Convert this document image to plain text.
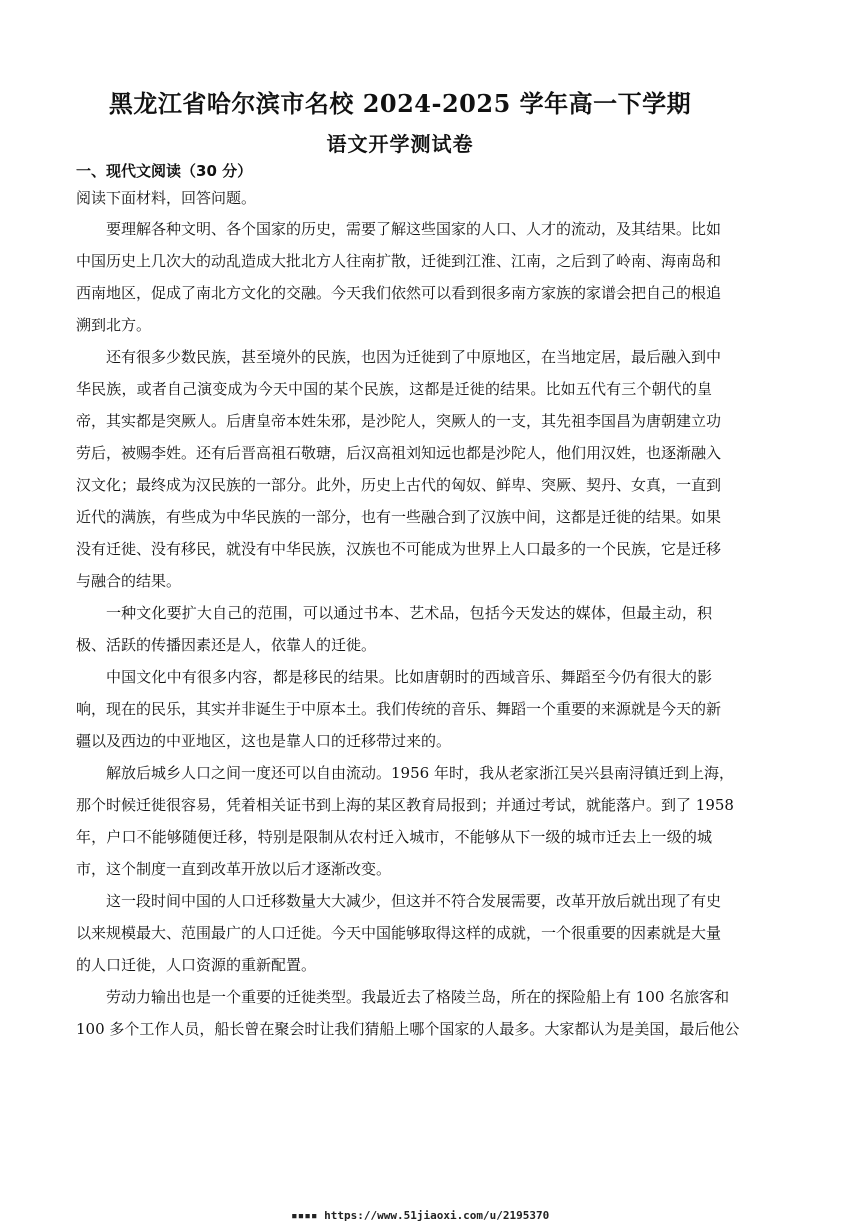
黑龙江省哈尔滨市名校 2024-2025 学年高一下学期
语文开学测试卷
一、现代文阅读（30 分）
阅读下面材料，回答问题。
要理解各种文明、各个国家的历史，需要了解这些国家的人口、人才的流动，及其结果。比如
中国历史上几次大的动乱造成大批北方人往南扩散，迁徙到江淮、江南，之后到了岭南、海南岛和
西南地区，促成了南北方文化的交融。今天我们依然可以看到很多南方家族的家谱会把自己的根追
溯到北方。
还有很多少数民族，甚至境外的民族，也因为迁徙到了中原地区，在当地定居，最后融入到中
华民族，或者自己演变成为今天中国的某个民族，这都是迁徙的结果。比如五代有三个朝代的皇
帝，其实都是突厥人。后唐皇帝本姓朱邪，是沙陀人，突厥人的一支，其先祖李国昌为唐朝建立功
劳后，被赐李姓。还有后晋高祖石敬瑭，后汉高祖刘知远也都是沙陀人，他们用汉姓，也逐渐融入
汉文化；最终成为汉民族的一部分。此外，历史上古代的匈奴、鲜卑、突厥、契丹、女真，一直到
近代的满族，有些成为中华民族的一部分，也有一些融合到了汉族中间，这都是迁徙的结果。如果
没有迁徙、没有移民，就没有中华民族，汉族也不可能成为世界上人口最多的一个民族，它是迁移
与融合的结果。
一种文化要扩大自己的范围，可以通过书本、艺术品，包括今天发达的媒体，但最主动，积
极、活跃的传播因素还是人，依靠人的迁徙。
中国文化中有很多内容，都是移民的结果。比如唐朝时的西域音乐、舞蹈至今仍有很大的影
响，现在的民乐，其实并非诞生于中原本土。我们传统的音乐、舞蹈一个重要的来源就是今天的新
疆以及西边的中亚地区，这也是靠人口的迁移带过来的。
解放后城乡人口之间一度还可以自由流动。1956 年时，我从老家浙江吴兴县南浔镇迁到上海，
那个时候迁徙很容易，凭着相关证书到上海的某区教育局报到；并通过考试，就能落户。到了 1958
年，户口不能够随便迁移，特别是限制从农村迁入城市，不能够从下一级的城市迁去上一级的城
市，这个制度一直到改革开放以后才逐渐改变。
这一段时间中国的人口迁移数量大大减少，但这并不符合发展需要，改革开放后就出现了有史
以来规模最大、范围最广的人口迁徙。今天中国能够取得这样的成就，一个很重要的因素就是大量
的人口迁徙，人口资源的重新配置。
劳动力输出也是一个重要的迁徙类型。我最近去了格陵兰岛，所在的探险船上有 100 名旅客和
100 多个工作人员，船长曾在聚会时让我们猜船上哪个国家的人最多。大家都认为是美国，最后他公
▪▪▪▪ https://www.51jiaoxi.com/u/2195370
